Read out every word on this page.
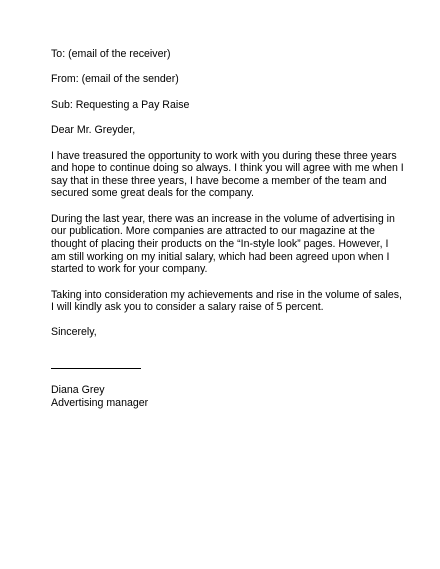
To: (email of the receiver)

From: (email of the sender)

Sub: Requesting a Pay Raise

Dear Mr. Greyder,

I have treasured the opportunity to work with you during these three years

and hope to continue doing so always. I think you will agree with me when I

say that in these three years, I have become a member of the team and

secured some great deals for the company.

During the last year, there was an increase in the volume of advertising in

our publication. More companies are attracted to our magazine at the

thought of placing their products on the “In-style look” pages. However, I

am still working on my initial salary, which had been agreed upon when I

started to work for your company.

Taking into consideration my achievements and rise in the volume of sales,

I will kindly ask you to consider a salary raise of 5 percent.

Sincerely,

Diana Grey

Advertising manager
